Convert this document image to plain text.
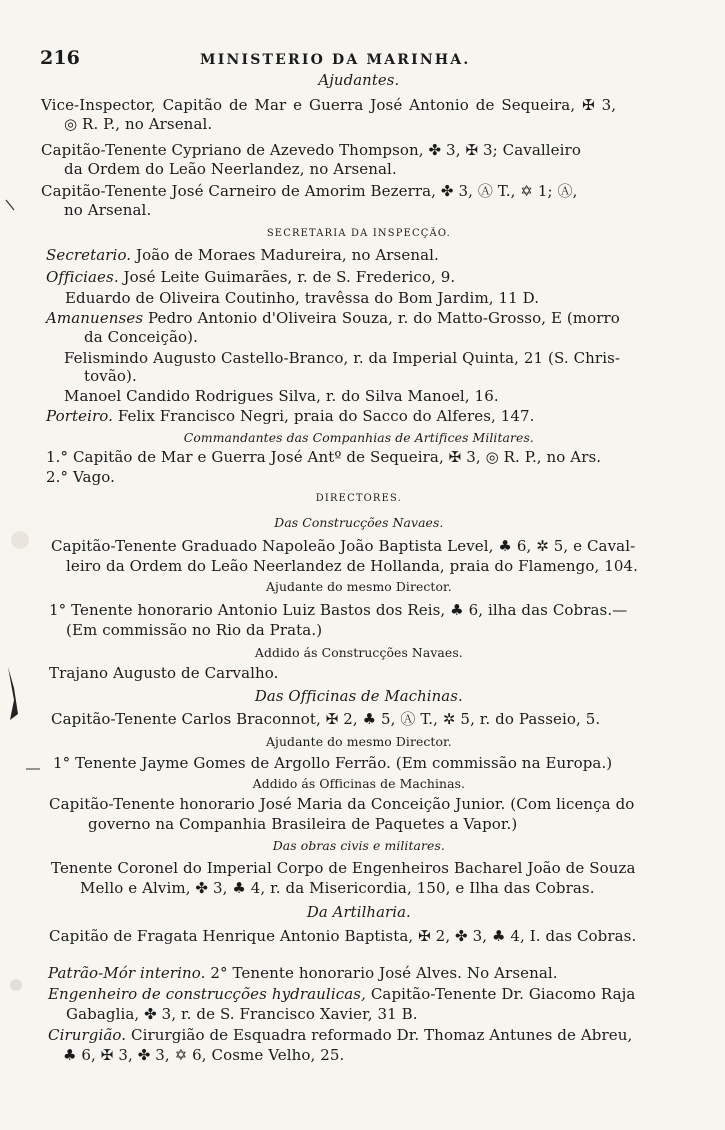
216	MINISTERIO DA MARINHA.
Ajudantes.
Vice-Inspector, Capitão de Mar e Guerra José Antonio de Sequeira, ✠ 3,
◎ R. P., no Arsenal.
Capitão-Tenente Cypriano de Azevedo Thompson, ✤ 3, ✠ 3; Cavalleiro
da Ordem do Leão Neerlandez, no Arsenal.
Capitão-Tenente José Carneiro de Amorim Bezerra, ✤ 3, Ⓐ T., ✡ 1; Ⓐ,
no Arsenal.
SECRETARIA DA INSPECÇÃO.
Secretario. João de Moraes Madureira, no Arsenal.
Officiaes. José Leite Guimarães, r. de S. Frederico, 9.
Eduardo de Oliveira Coutinho, travêssa do Bom Jardim, 11 D.
Amanuenses Pedro Antonio d'Oliveira Souza, r. do Matto-Grosso, E (morro
da Conceição).
Felismindo Augusto Castello-Branco, r. da Imperial Quinta, 21 (S. Chris-
tovão).
Manoel Candido Rodrigues Silva, r. do Silva Manoel, 16.
Porteiro. Felix Francisco Negri, praia do Sacco do Alferes, 147.
Commandantes das Companhias de Artifices Militares.
1.° Capitão de Mar e Guerra José Antº de Sequeira, ✠ 3, ◎ R. P., no Ars.
2.° Vago.
DIRECTORES.
Das Construcções Navaes.
Capitão-Tenente Graduado Napoleão João Baptista Level, ♣ 6, ✲ 5, e Caval-
leiro da Ordem do Leão Neerlandez de Hollanda, praia do Flamengo, 104.
Ajudante do mesmo Director.
1° Tenente honorario Antonio Luiz Bastos dos Reis, ♣ 6, ilha das Cobras.—
(Em commissão no Rio da Prata.)
Addido ás Construcções Navaes.
Trajano Augusto de Carvalho.
Das Officinas de Machinas.
Capitão-Tenente Carlos Braconnot, ✠ 2, ♣ 5, Ⓐ T., ✲ 5, r. do Passeio, 5.
Ajudante do mesmo Director.
1° Tenente Jayme Gomes de Argollo Ferrão. (Em commissão na Europa.)
Addido ás Officinas de Machinas.
Capitão-Tenente honorario José Maria da Conceição Junior. (Com licença do
governo na Companhia Brasileira de Paquetes a Vapor.)
Das obras civis e militares.
Tenente Coronel do Imperial Corpo de Engenheiros Bacharel João de Souza
Mello e Alvim, ✤ 3, ♣ 4, r. da Misericordia, 150, e Ilha das Cobras.
Da Artilharia.
Capitão de Fragata Henrique Antonio Baptista, ✠ 2, ✤ 3, ♣ 4, I. das Cobras.
Patrão-Mór interino. 2° Tenente honorario José Alves. No Arsenal.
Engenheiro de construcções hydraulicas, Capitão-Tenente Dr. Giacomo Raja
Gabaglia, ✤ 3, r. de S. Francisco Xavier, 31 B.
Cirurgião. Cirurgião de Esquadra reformado Dr. Thomaz Antunes de Abreu,
♣ 6, ✠ 3, ✤ 3, ✡ 6, Cosme Velho, 25.
